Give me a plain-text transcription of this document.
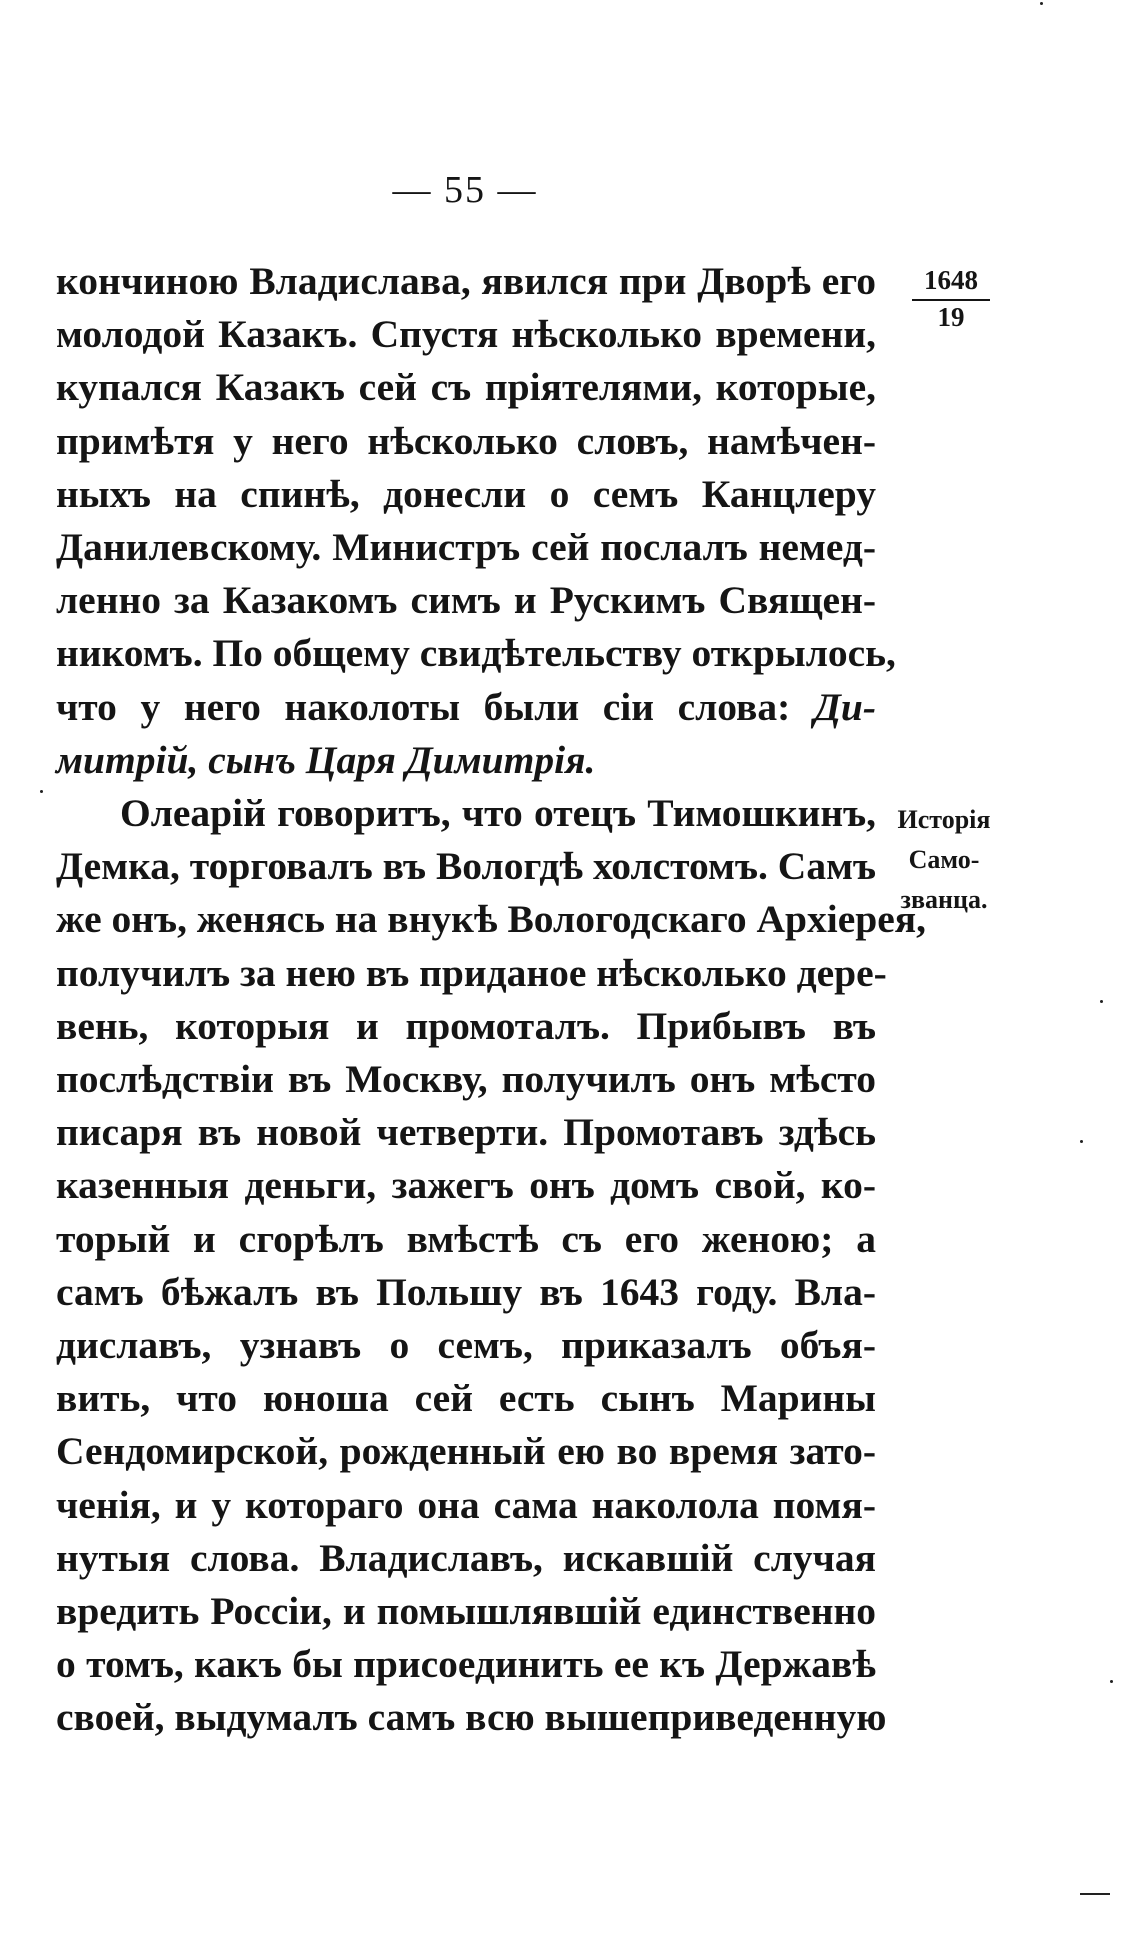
— 55 —
1648
19
Исторія
Само-
званца.
кончиною Владислава, явился при Дворѣ его
молодой Казакъ. Спустя нѣсколько времени,
купался Казакъ сей съ пріятелями, которые,
примѣтя у него нѣсколько словъ, намѣчен-
ныхъ на спинѣ, донесли о семъ Канцлеру
Данилевскому. Министръ сей послалъ немед-
ленно за Казакомъ симъ и Рускимъ Священ-
никомъ. По общему свидѣтельству открылось,
что у него наколоты были сіи слова: Ди-
митрій, сынъ Царя Димитрія.
Олеарій говоритъ, что отецъ Тимошкинъ,
Демка, торговалъ въ Вологдѣ холстомъ. Самъ
же онъ, женясь на внукѣ Вологодскаго Архіерея,
получилъ за нею въ приданое нѣсколько дере-
вень, которыя и промоталъ. Прибывъ въ
послѣдствіи въ Москву, получилъ онъ мѣсто
писаря въ новой четверти. Промотавъ здѣсь
казенныя деньги, зажегъ онъ домъ свой, ко-
торый и сгорѣлъ вмѣстѣ съ его женою; а
самъ бѣжалъ въ Польшу въ 1643 году. Вла-
диславъ, узнавъ о семъ, приказалъ объя-
вить, что юноша сей есть сынъ Марины
Сендомирской, рожденный ею во время зато-
ченія, и у котораго она сама наколола помя-
нутыя слова. Владиславъ, искавшій случая
вредить Россіи, и помышлявшій единственно
о томъ, какъ бы присоединить ее къ Державѣ
своей, выдумалъ самъ всю вышеприведенную
